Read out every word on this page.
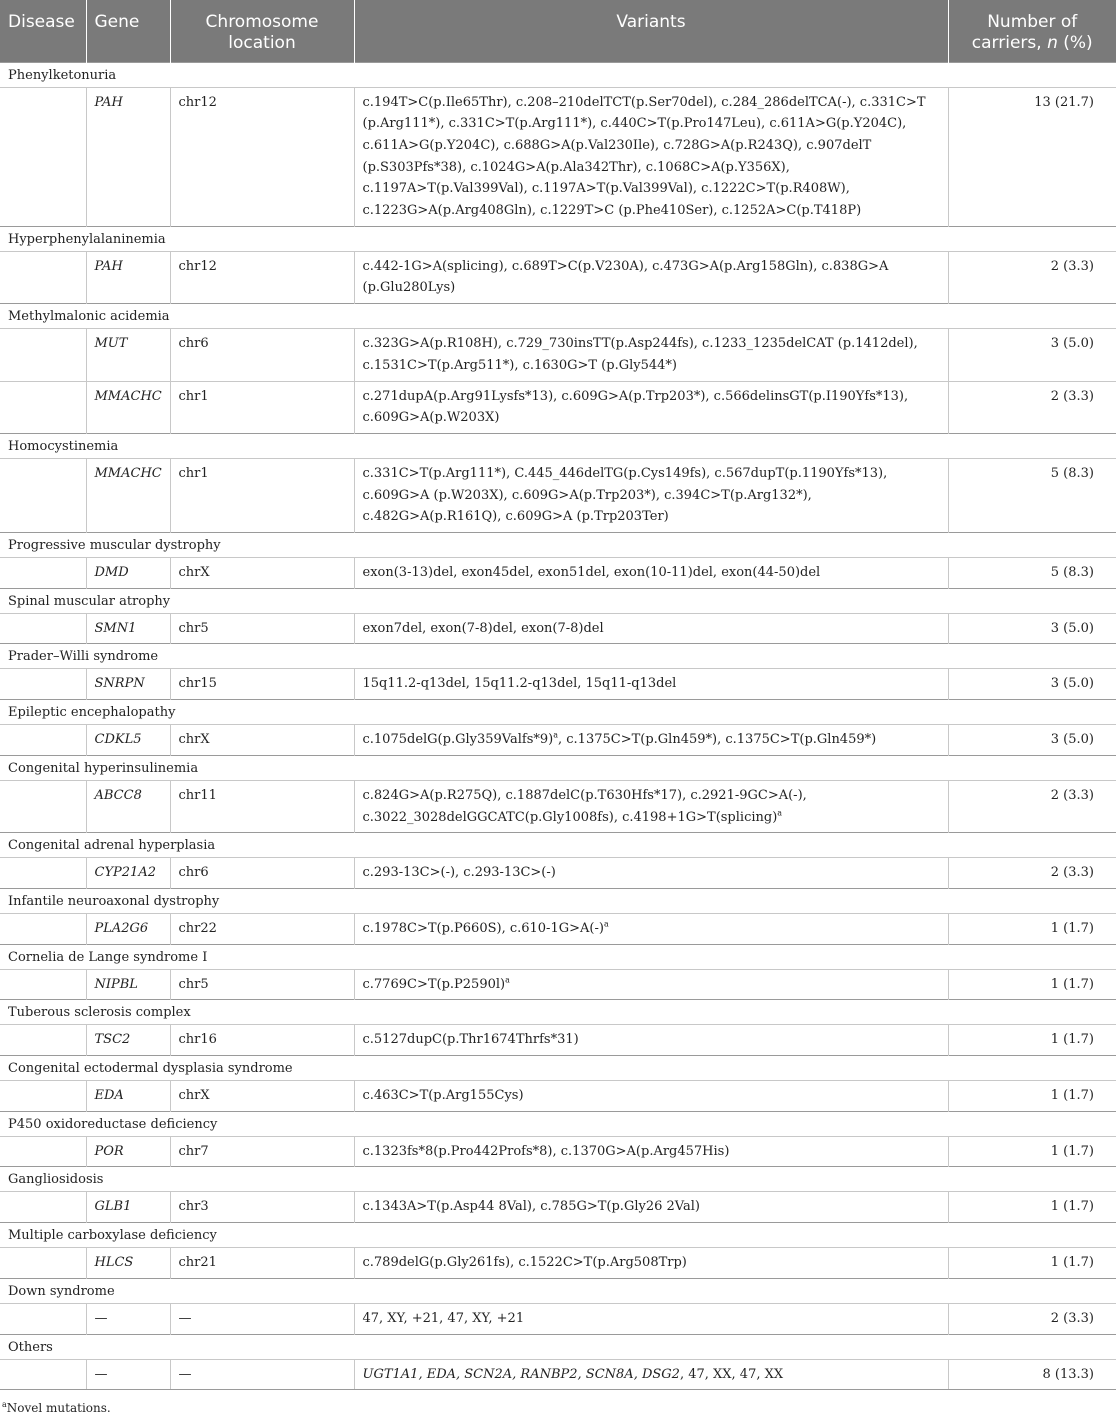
Disease	Gene	Chromosome location	Variants	Number of carriers, n (%)

Phenylketonuria				
	PAH	chr12	c.194T>C(p.Ile65Thr), c.208–210delTCT(p.Ser70del), c.284_286delTCA(-), c.331C>T (p.Arg111*), c.331C>T(p.Arg111*), c.440C>T(p.Pro147Leu), c.611A>G(p.Y204C), c.611A>G(p.Y204C), c.688G>A(p.Val230Ile), c.728G>A(p.R243Q), c.907delT (p.S303Pfs*38), c.1024G>A(p.Ala342Thr), c.1068C>A(p.Y356X), c.1197A>T(p.Val399Val), c.1197A>T(p.Val399Val), c.1222C>T(p.R408W), c.1223G>A(p.Arg408Gln), c.1229T>C (p.Phe410Ser), c.1252A>C(p.T418P)	13 (21.7)
Hyperphenylalaninemia				
	PAH	chr12	c.442-1G>A(splicing), c.689T>C(p.V230A), c.473G>A(p.Arg158Gln), c.838G>A (p.Glu280Lys)	2 (3.3)
Methylmalonic acidemia				
	MUT	chr6	c.323G>A(p.R108H), c.729_730insTT(p.Asp244fs), c.1233_1235delCAT (p.1412del), c.1531C>T(p.Arg511*), c.1630G>T (p.Gly544*)	3 (5.0)
	MMACHC	chr1	c.271dupA(p.Arg91Lysfs*13), c.609G>A(p.Trp203*), c.566delinsGT(p.I190Yfs*13), c.609G>A(p.W203X)	2 (3.3)
Homocystinemia				
	MMACHC	chr1	c.331C>T(p.Arg111*), C.445_446delTG(p.Cys149fs), c.567dupT(p.1190Yfs*13), c.609G>A (p.W203X), c.609G>A(p.Trp203*), c.394C>T(p.Arg132*), c.482G>A(p.R161Q), c.609G>A (p.Trp203Ter)	5 (8.3)
Progressive muscular dystrophy				
	DMD	chrX	exon(3-13)del, exon45del, exon51del, exon(10-11)del, exon(44-50)del	5 (8.3)
Spinal muscular atrophy				
	SMN1	chr5	exon7del, exon(7-8)del, exon(7-8)del	3 (5.0)
Prader–Willi syndrome				
	SNRPN	chr15	15q11.2-q13del, 15q11.2-q13del, 15q11-q13del	3 (5.0)
Epileptic encephalopathy				
	CDKL5	chrX	c.1075delG(p.Gly359Valfs*9)$^a$, c.1375C>T(p.Gln459*), c.1375C>T(p.Gln459*)	3 (5.0)
Congenital hyperinsulinemia				
	ABCC8	chr11	c.824G>A(p.R275Q), c.1887delC(p.T630Hfs*17), c.2921-9GC>A(-), c.3022_3028delGGCATC(p.Gly1008fs), c.4198+1G>T(splicing)$^a$	2 (3.3)
Congenital adrenal hyperplasia				
	CYP21A2	chr6	c.293-13C>(-), c.293-13C>(-)	2 (3.3)
Infantile neuroaxonal dystrophy				
	PLA2G6	chr22	c.1978C>T(p.P660S), $c.610-1G>A(-)^a$	1 (1.7)
Cornelia de Lange syndrome Ⅰ				
	NIPBL	chr5	$c.7769C>T(p.P2590l)^a$	1 (1.7)
Tuberous sclerosis complex				
	TSC2	chr16	c.5127dupC(p.Thr1674Thrfs*31)	1 (1.7)
Congenital ectodermal dysplasia syndrome				
	EDA	chrX	c.463C>T(p.Arg155Cys)	1 (1.7)
P450 oxidoreductase deficiency				
	POR	chr7	c.1323fs*8(p.Pro442Profs*8), c.1370G>A(p.Arg457His)	1 (1.7)
Gangliosidosis				
	GLB1	chr3	c.1343A>T(p.Asp44 8Val), c.785G>T(p.Gly26 2Val)	1 (1.7)
Multiple carboxylase deficiency				
	HLCS	chr21	c.789delG(p.Gly261fs), c.1522C>T(p.Arg508Trp)	1 (1.7)
Down syndrome				
	—	—	47, XY, +21, 47, XY, +21	2 (3.3)
Others				
	—	—	UGT1A1, EDA, SCN2A, RANBP2, SCN8A, DSG2, 47, XX, 47, XX	8 (13.3)
$^a$Novel mutations.				
